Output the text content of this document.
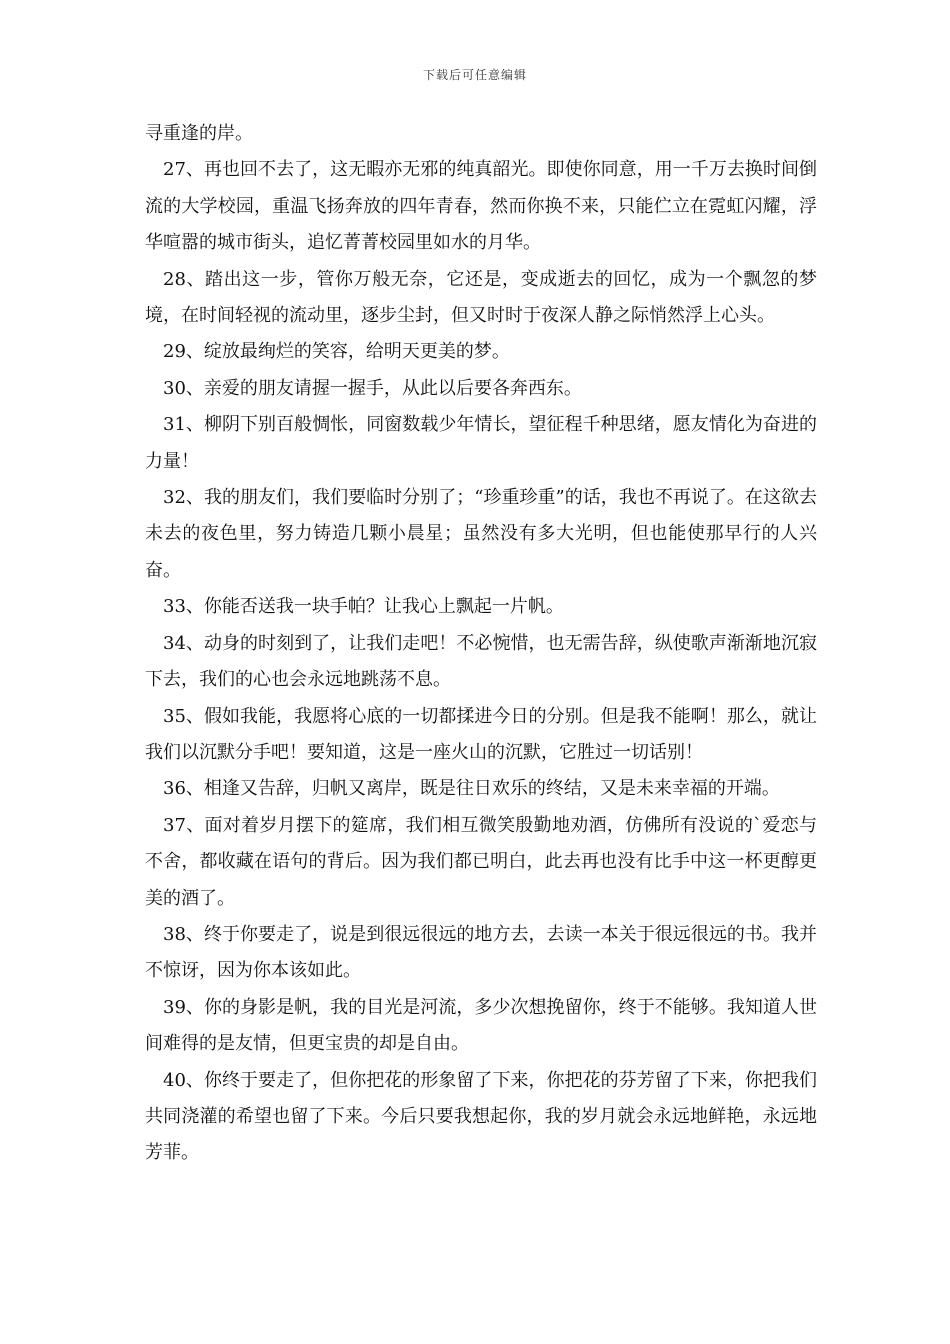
下载后可任意编辑

寻重逢的岸。

27、再也回不去了，这无暇亦无邪的纯真韶光。即使你同意，用一千万去换时间倒流的大学校园，重温飞扬奔放的四年青春，然而你换不来，只能伫立在霓虹闪耀，浮华喧嚣的城市街头，追忆菁菁校园里如水的月华。

28、踏出这一步，管你万般无奈，它还是，变成逝去的回忆，成为一个飘忽的梦境，在时间轻视的流动里，逐步尘封，但又时时于夜深人静之际悄然浮上心头。

29、绽放最绚烂的笑容，给明天更美的梦。

30、亲爱的朋友请握一握手，从此以后要各奔西东。

31、柳阴下别百般惆怅，同窗数载少年情长，望征程千种思绪，愿友情化为奋进的力量！

32、我的朋友们，我们要临时分别了；“珍重珍重”的话，我也不再说了。在这欲去未去的夜色里，努力铸造几颗小晨星；虽然没有多大光明，但也能使那早行的人兴奋。

33、你能否送我一块手帕？让我心上飘起一片帆。

34、动身的时刻到了，让我们走吧！不必惋惜，也无需告辞，纵使歌声渐渐地沉寂下去，我们的心也会永远地跳荡不息。

35、假如我能，我愿将心底的一切都揉进今日的分别。但是我不能啊！那么，就让我们以沉默分手吧！要知道，这是一座火山的沉默，它胜过一切话别！

36、相逢又告辞，归帆又离岸，既是往日欢乐的终结，又是未来幸福的开端。

37、面对着岁月摆下的筵席，我们相互微笑殷勤地劝酒，仿佛所有没说的`爱恋与不舍，都收藏在语句的背后。因为我们都已明白，此去再也没有比手中这一杯更醇更美的酒了。

38、终于你要走了，说是到很远很远的地方去，去读一本关于很远很远的书。我并不惊讶，因为你本该如此。

39、你的身影是帆，我的目光是河流，多少次想挽留你，终于不能够。我知道人世间难得的是友情，但更宝贵的却是自由。

40、你终于要走了，但你把花的形象留了下来，你把花的芬芳留了下来，你把我们共同浇灌的希望也留了下来。今后只要我想起你，我的岁月就会永远地鲜艳，永远地芳菲。
